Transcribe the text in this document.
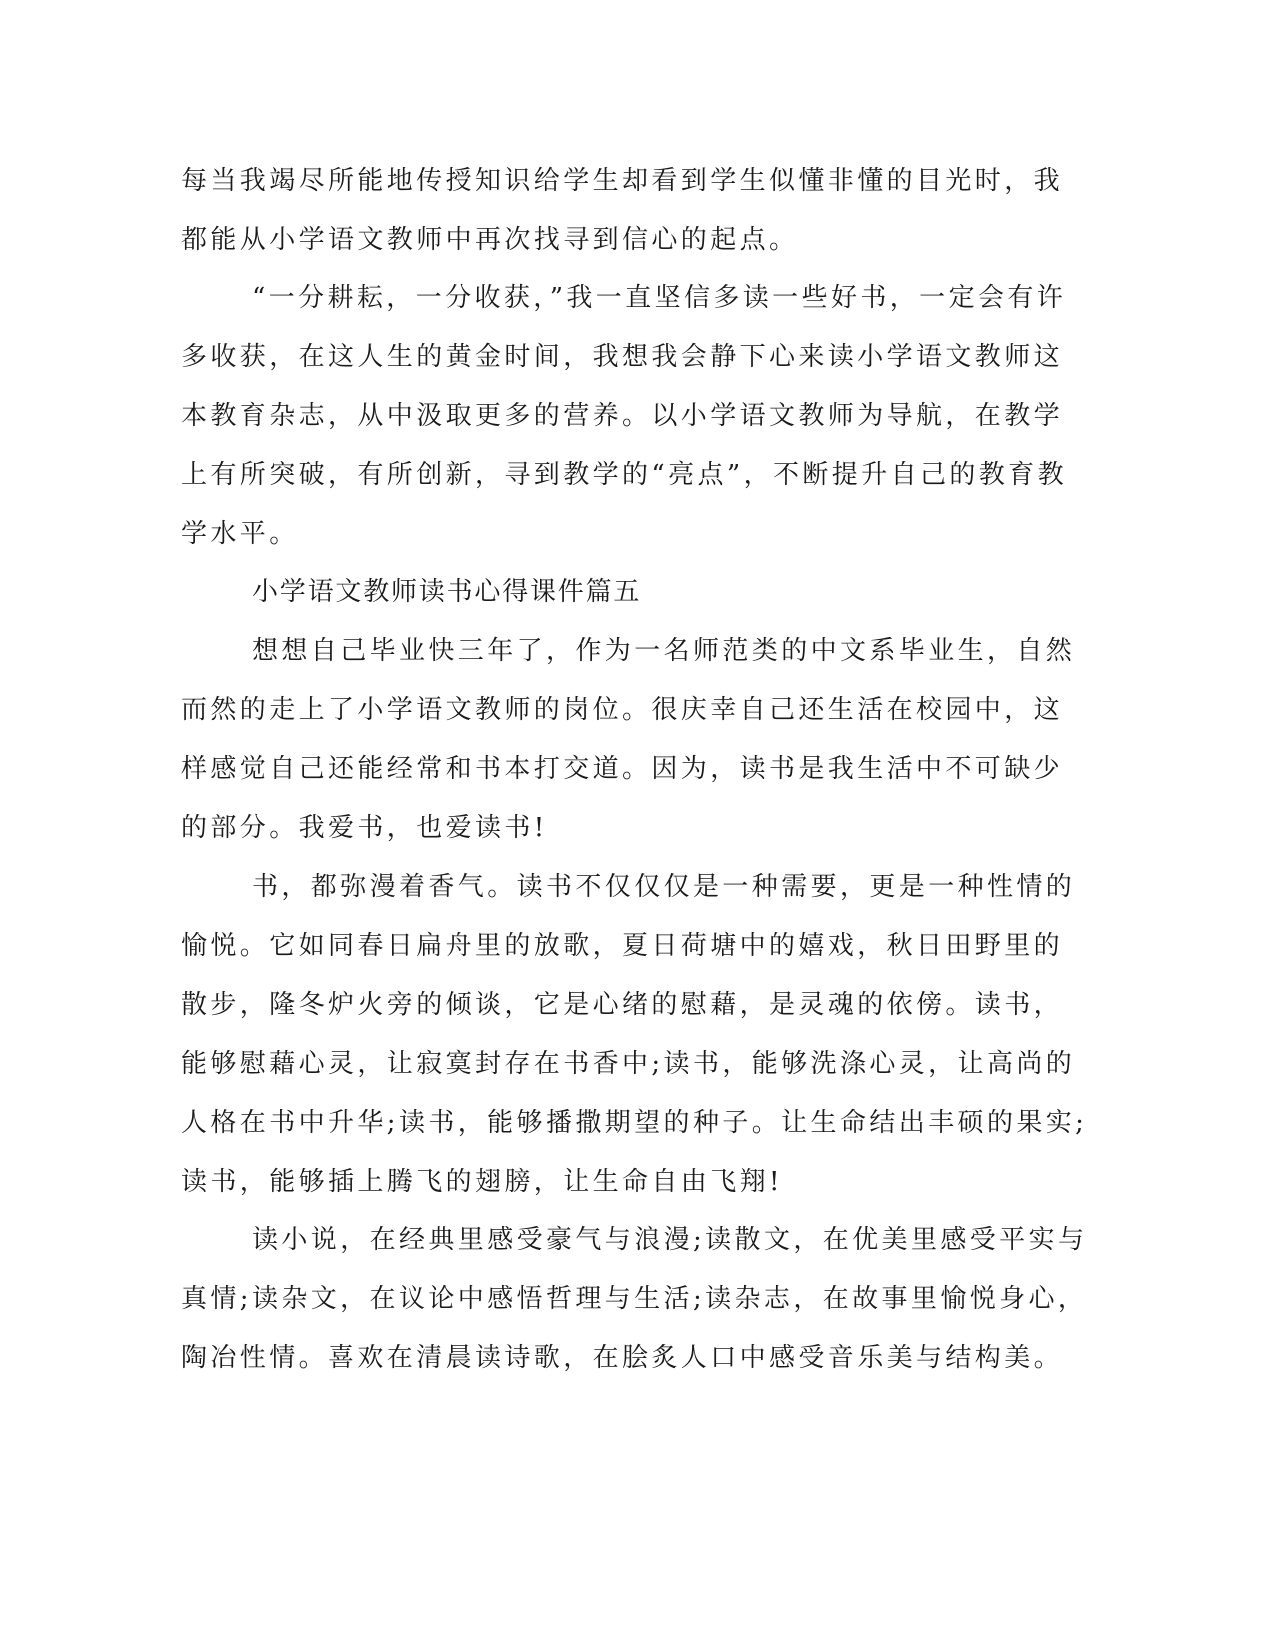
每当我竭尽所能地传授知识给学生却看到学生似懂非懂的目光时，我
都能从小学语文教师中再次找寻到信心的起点。
“一分耕耘，一分收获，”我一直坚信多读一些好书，一定会有许
多收获，在这人生的黄金时间，我想我会静下心来读小学语文教师这
本教育杂志，从中汲取更多的营养。以小学语文教师为导航，在教学
上有所突破，有所创新，寻到教学的“亮点”，不断提升自己的教育教
学水平。
小学语文教师读书心得课件篇五
想想自己毕业快三年了，作为一名师范类的中文系毕业生，自然
而然的走上了小学语文教师的岗位。很庆幸自己还生活在校园中，这
样感觉自己还能经常和书本打交道。因为，读书是我生活中不可缺少
的部分。我爱书，也爱读书!
书，都弥漫着香气。读书不仅仅仅是一种需要，更是一种性情的
愉悦。它如同春日扁舟里的放歌，夏日荷塘中的嬉戏，秋日田野里的
散步，隆冬炉火旁的倾谈，它是心绪的慰藉，是灵魂的依傍。读书，
能够慰藉心灵，让寂寞封存在书香中;读书，能够洗涤心灵，让高尚的
人格在书中升华;读书，能够播撒期望的种子。让生命结出丰硕的果实;
读书，能够插上腾飞的翅膀，让生命自由飞翔!
读小说，在经典里感受豪气与浪漫;读散文，在优美里感受平实与
真情;读杂文，在议论中感悟哲理与生活;读杂志，在故事里愉悦身心，
陶冶性情。喜欢在清晨读诗歌，在脍炙人口中感受音乐美与结构美。
